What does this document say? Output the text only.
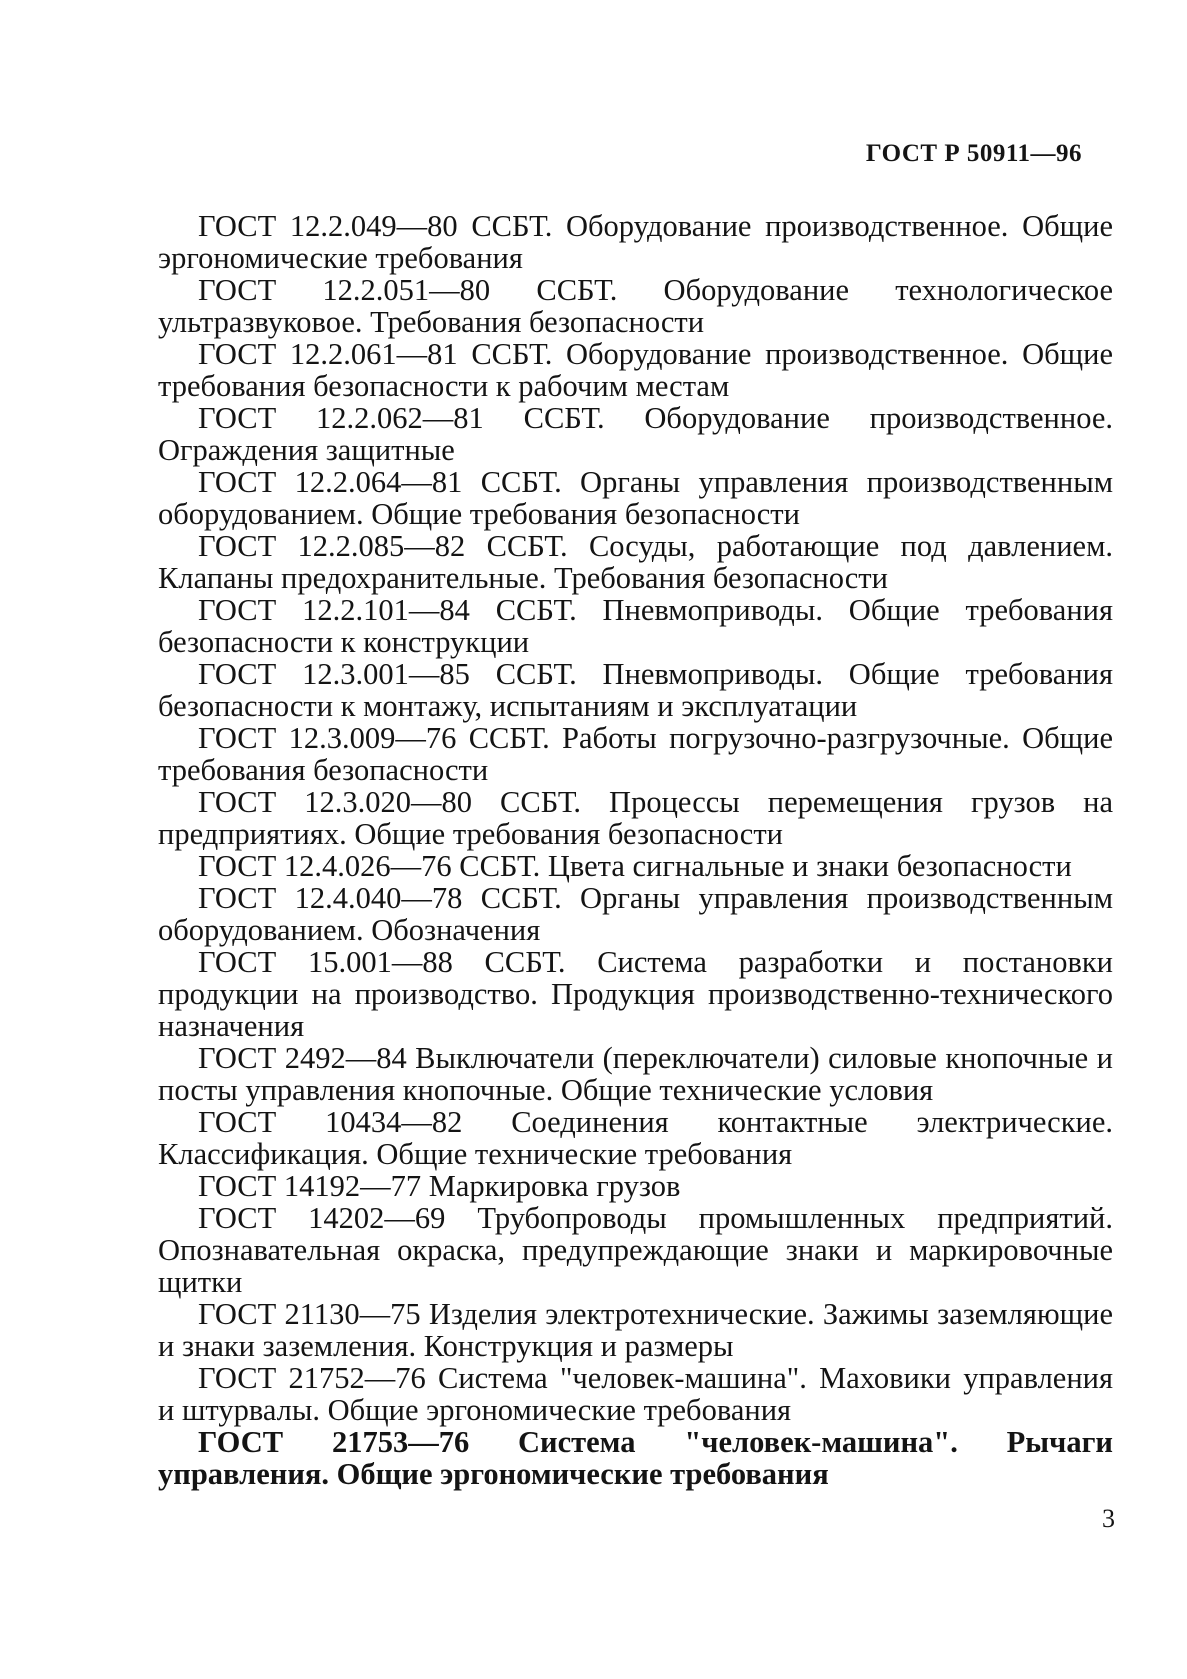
ГОСТ Р 50911—96
ГОСТ 12.2.049—80 ССБТ. Оборудование производственное. Общие эргономические требования
ГОСТ 12.2.051—80 ССБТ. Оборудование технологическое ультразвуковое. Требования безопасности
ГОСТ 12.2.061—81 ССБТ. Оборудование производственное. Общие требования безопасности к рабочим местам
ГОСТ 12.2.062—81 ССБТ. Оборудование производственное. Ограждения защитные
ГОСТ 12.2.064—81 ССБТ. Органы управления производственным оборудованием. Общие требования безопасности
ГОСТ 12.2.085—82 ССБТ. Сосуды, работающие под давлением. Клапаны предохранительные. Требования безопасности
ГОСТ 12.2.101—84 ССБТ. Пневмоприводы. Общие требования безопасности к конструкции
ГОСТ 12.3.001—85 ССБТ. Пневмоприводы. Общие требования безопасности к монтажу, испытаниям и эксплуатации
ГОСТ 12.3.009—76 ССБТ. Работы погрузочно-разгрузочные. Общие требования безопасности
ГОСТ 12.3.020—80 ССБТ. Процессы перемещения грузов на предприятиях. Общие требования безопасности
ГОСТ 12.4.026—76 ССБТ. Цвета сигнальные и знаки безопасности
ГОСТ 12.4.040—78 ССБТ. Органы управления производственным оборудованием. Обозначения
ГОСТ 15.001—88 ССБТ. Система разработки и постановки продукции на производство. Продукция производственно-технического назначения
ГОСТ 2492—84 Выключатели (переключатели) силовые кнопочные и посты управления кнопочные. Общие технические условия
ГОСТ 10434—82 Соединения контактные электрические. Классификация. Общие технические требования
ГОСТ 14192—77 Маркировка грузов
ГОСТ 14202—69 Трубопроводы промышленных предприятий. Опознавательная окраска, предупреждающие знаки и маркировочные щитки
ГОСТ 21130—75 Изделия электротехнические. Зажимы заземляющие и знаки заземления. Конструкция и размеры
ГОСТ 21752—76 Система "человек-машина". Маховики управления и штурвалы. Общие эргономические требования
ГОСТ 21753—76 Система "человек-машина". Рычаги управления. Общие эргономические требования
3
